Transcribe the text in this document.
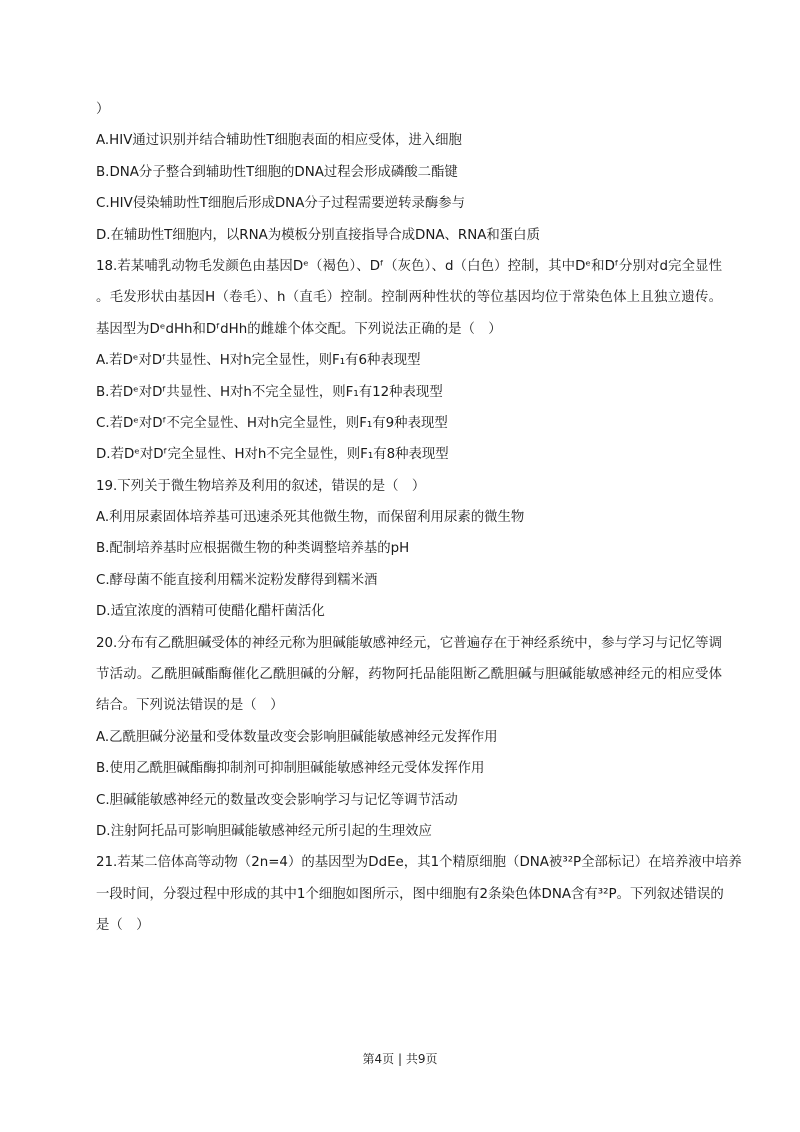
）
A.HIV通过识别并结合辅助性T细胞表面的相应受体，进入细胞
B.DNA分子整合到辅助性T细胞的DNA过程会形成磷酸二酯键
C.HIV侵染辅助性T细胞后形成DNA分子过程需要逆转录酶参与
D.在辅助性T细胞内，以RNA为模板分别直接指导合成DNA、RNA和蛋白质
18.若某哺乳动物毛发颜色由基因Dᵉ（褐色）、Dᶠ（灰色）、d（白色）控制，其中Dᵉ和Dᶠ分别对d完全显性
。毛发形状由基因H（卷毛）、h（直毛）控制。控制两种性状的等位基因均位于常染色体上且独立遗传。
基因型为DᵉdHh和DᶠdHh的雌雄个体交配。下列说法正确的是（　）
A.若Dᵉ对Dᶠ共显性、H对h完全显性，则F₁有6种表现型
B.若Dᵉ对Dᶠ共显性、H对h不完全显性，则F₁有12种表现型
C.若Dᵉ对Dᶠ不完全显性、H对h完全显性，则F₁有9种表现型
D.若Dᵉ对Dᶠ完全显性、H对h不完全显性，则F₁有8种表现型
19.下列关于微生物培养及利用的叙述，错误的是（　）
A.利用尿素固体培养基可迅速杀死其他微生物，而保留利用尿素的微生物
B.配制培养基时应根据微生物的种类调整培养基的pH
C.酵母菌不能直接利用糯米淀粉发酵得到糯米酒
D.适宜浓度的酒精可使醋化醋杆菌活化
20.分布有乙酰胆碱受体的神经元称为胆碱能敏感神经元，它普遍存在于神经系统中，参与学习与记忆等调
节活动。乙酰胆碱酯酶催化乙酰胆碱的分解，药物阿托品能阻断乙酰胆碱与胆碱能敏感神经元的相应受体
结合。下列说法错误的是（　）
A.乙酰胆碱分泌量和受体数量改变会影响胆碱能敏感神经元发挥作用
B.使用乙酰胆碱酯酶抑制剂可抑制胆碱能敏感神经元受体发挥作用
C.胆碱能敏感神经元的数量改变会影响学习与记忆等调节活动
D.注射阿托品可影响胆碱能敏感神经元所引起的生理效应
21.若某二倍体高等动物（2n=4）的基因型为DdEe，其1个精原细胞（DNA被³²P全部标记）在培养液中培养
一段时间，分裂过程中形成的其中1个细胞如图所示，图中细胞有2条染色体DNA含有³²P。下列叙述错误的
是（　）
第4页 | 共9页
